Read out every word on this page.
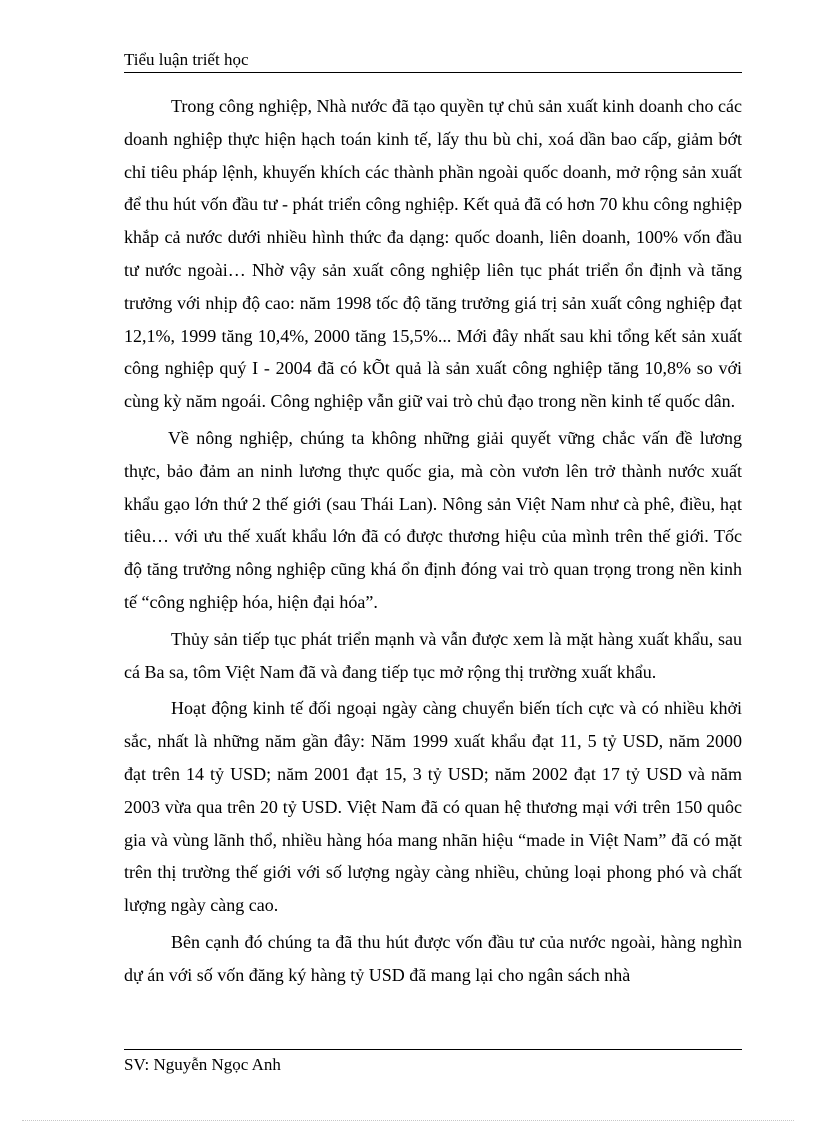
Tiểu luận triết học

Trong công nghiệp, Nhà nước đã tạo quyền tự chủ sản xuất kinh doanh cho các doanh nghiệp thực hiện hạch toán kinh tế, lấy thu bù chi, xoá dần bao cấp, giảm bớt chỉ tiêu pháp lệnh, khuyến khích các thành phần ngoài quốc doanh, mở rộng sản xuất để thu hút vốn đầu tư - phát triển công nghiệp. Kết quả đã có hơn 70 khu công nghiệp khắp cả nước dưới nhiều hình thức đa dạng: quốc doanh, liên doanh, 100% vốn đầu tư nước ngoài… Nhờ vậy sản xuất công nghiệp liên tục phát triển ổn định và tăng trưởng với nhịp độ cao: năm 1998 tốc độ tăng trưởng giá trị sản xuất công nghiệp đạt 12,1%, 1999 tăng 10,4%, 2000 tăng 15,5%... Mới đây nhất sau khi tổng kết sản xuất công nghiệp quý I - 2004 đã có kÕt quả là sản xuất công nghiệp tăng 10,8% so với cùng kỳ năm ngoái. Công nghiệp vẫn giữ vai trò chủ đạo trong nền kinh tế quốc dân.

Về nông nghiệp, chúng ta không những giải quyết vững chắc vấn đề lương thực, bảo đảm an ninh lương thực quốc gia, mà còn vươn lên trở thành nước xuất khẩu gạo lớn thứ 2 thế giới (sau Thái Lan). Nông sản Việt Nam như cà phê, điều, hạt tiêu… với ưu thế xuất khẩu lớn đã có được thương hiệu của mình trên thế giới. Tốc độ tăng trưởng nông nghiệp cũng khá ổn định đóng vai trò quan trọng trong nền kinh tế “công nghiệp hóa, hiện đại hóa”.

Thủy sản tiếp tục phát triển mạnh và vẫn được xem là mặt hàng xuất khẩu, sau cá Ba sa, tôm Việt Nam đã và đang tiếp tục mở rộng thị trường xuất khẩu.

Hoạt động kinh tế đối ngoại ngày càng chuyển biến tích cực và có nhiều khởi sắc, nhất là những năm gần đây: Năm 1999 xuất khẩu đạt 11, 5 tỷ USD, năm 2000 đạt trên 14 tỷ USD; năm 2001 đạt 15, 3 tỷ USD; năm 2002 đạt 17 tỷ USD và năm 2003 vừa qua trên 20 tỷ USD. Việt Nam đã có quan hệ thương mại với trên 150 quôc gia và vùng lãnh thổ, nhiều hàng hóa mang nhãn hiệu “made in Việt Nam” đã có mặt trên thị trường thế giới với số lượng ngày càng nhiều, chủng loại phong phó và chất lượng ngày càng cao.

Bên cạnh đó chúng ta đã thu hút được vốn đầu tư của nước ngoài, hàng nghìn dự án với số vốn đăng ký hàng tỷ USD đã mang lại cho ngân sách nhà

SV: Nguyễn Ngọc Anh
